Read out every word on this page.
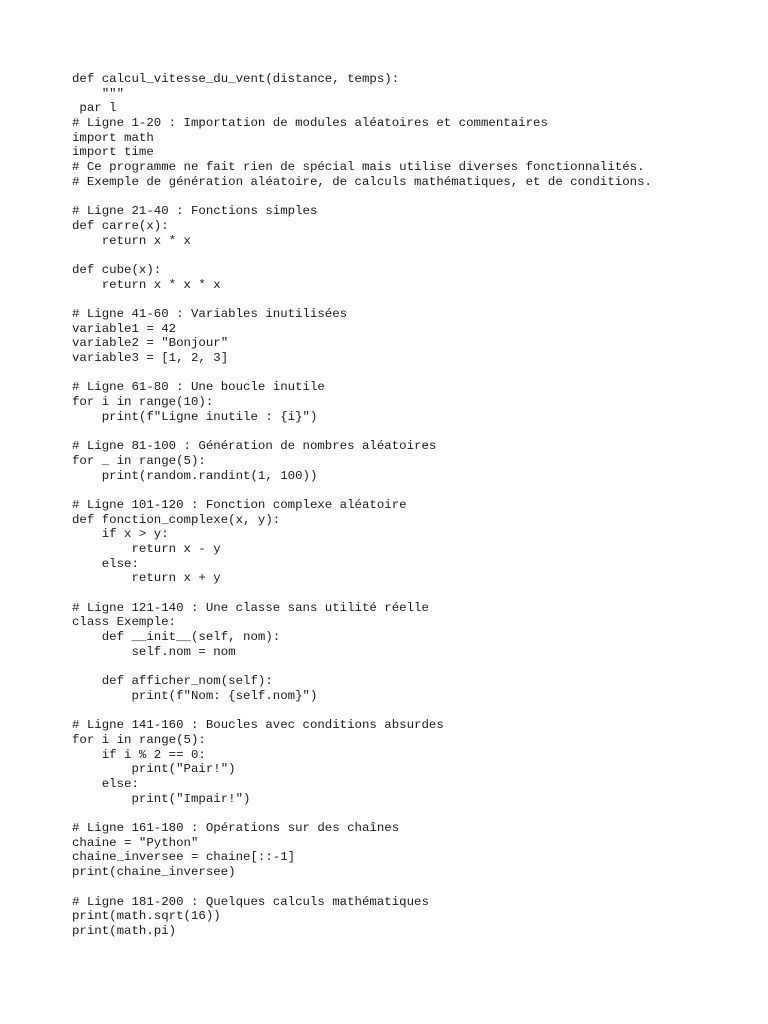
def calcul_vitesse_du_vent(distance, temps):
"""
par l
# Ligne 1-20 : Importation de modules aléatoires et commentaires
import math
import time
# Ce programme ne fait rien de spécial mais utilise diverses fonctionnalités.
# Exemple de génération aléatoire, de calculs mathématiques, et de conditions.
# Ligne 21-40 : Fonctions simples
def carre(x):
return x * x
def cube(x):
return x * x * x
# Ligne 41-60 : Variables inutilisées
variable1 = 42
variable2 = "Bonjour"
variable3 = [1, 2, 3]
# Ligne 61-80 : Une boucle inutile
for i in range(10):
print(f"Ligne inutile : {i}")
# Ligne 81-100 : Génération de nombres aléatoires
for _ in range(5):
print(random.randint(1, 100))
# Ligne 101-120 : Fonction complexe aléatoire
def fonction_complexe(x, y):
if x > y:
return x - y
else:
return x + y
# Ligne 121-140 : Une classe sans utilité réelle
class Exemple:
def __init__(self, nom):
self.nom = nom
def afficher_nom(self):
print(f"Nom: {self.nom}")
# Ligne 141-160 : Boucles avec conditions absurdes
for i in range(5):
if i % 2 == 0:
print("Pair!")
else:
print("Impair!")
# Ligne 161-180 : Opérations sur des chaînes
chaine = "Python"
chaine_inversee = chaine[::-1]
print(chaine_inversee)
# Ligne 181-200 : Quelques calculs mathématiques
print(math.sqrt(16))
print(math.pi)
